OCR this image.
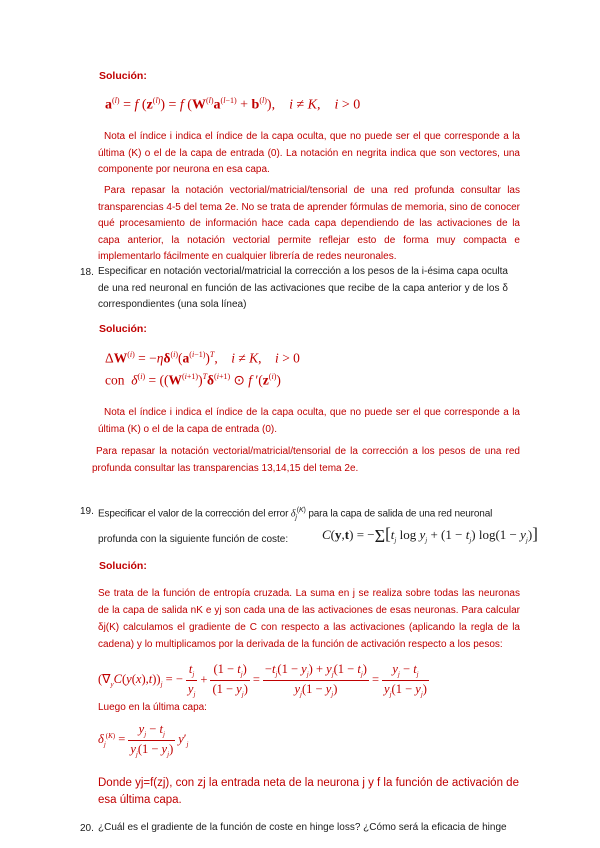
Solución:
$a^{(l)} = f$ $(z^{(l)}) = f$ $(W^{(l)}a^{(l-1)} + b^{(l)})$,    i ≠ K,    i > 0
Nota el índice i indica el índice de la capa oculta, que no puede ser el que corresponde a la última (K) o el de la capa de entrada (0). La notación en negrita indica que son vectores, una componente por neurona en esa capa.
Para repasar la notación vectorial/matricial/tensorial de una red profunda consultar las transparencias 4-5 del tema 2e. No se trata de aprender fórmulas de memoria, sino de conocer qué procesamiento de información hace cada capa dependiendo de las activaciones de la capa anterior, la notación vectorial permite reflejar esto de forma muy compacta e implementarlo fácilmente en cualquier librería de redes neuronales.
18. Especificar en notación vectorial/matricial la corrección a los pesos de la i-ésima capa oculta de una red neuronal en función de las activaciones que recibe de la capa anterior y de los δ correspondientes (una sola línea)
Solución:
$\Delta W^{(i)} = -\eta\delta^{(i)}(a^{(i-1)})^T$,    i ≠ K,    i > 0
con  $\delta^{(i)} = ((W^{(i+1)})^T\delta^{(i+1)}$ ⊙ f $'(z^{(i)})$
Nota el índice i indica el índice de la capa oculta, que no puede ser el que corresponde a la última (K) o el de la capa de entrada (0).
Para repasar la notación vectorial/matricial/tensorial de la corrección a los pesos de una red profunda consultar las transparencias 13,14,15 del tema 2e.
19. Especificar el valor de la corrección del error $\delta_j^{(K)}$ para la capa de salida de una red neuronal
profunda con la siguiente función de coste:	$C(y,t) = -\Sigma[t_j$ $\log y_j + (1 - t_j) \log(1 - y_j)$]
Solución:
Se trata de la función de entropía cruzada. La suma en j se realiza sobre todas las neuronas de la capa de salida nK e yj son cada una de las activaciones de esas neuronas. Para calcular δj(K) calculamos el gradiente de C con respecto a las activaciones (aplicando la regla de la cadena) y lo multiplicamos por la derivada de la función de activación respecto a los pesos:
$(\nabla_yC(y(x),t))_j$ = − $\frac{t_j}{y_j} + \frac{(1 - t_j)}{(1 - y_j)} = \frac{-t_j(1 - y_j) + y_j(1 - t_j)}{y_j(1 - y_j)} = \frac{y_j - t_j}{y_j(1 - y_j)}$
Luego en la última capa:
$\delta_j^{(K)} = \frac{y_j - t_j}{y_j(1 - y_j)} y'_j$
Donde yj=f(zj), con zj la entrada neta de la neurona j y f la función de activación de esa última capa.
20. ¿Cuál es el gradiente de la función de coste en hinge loss? ¿Cómo será la eficacia de hinge
